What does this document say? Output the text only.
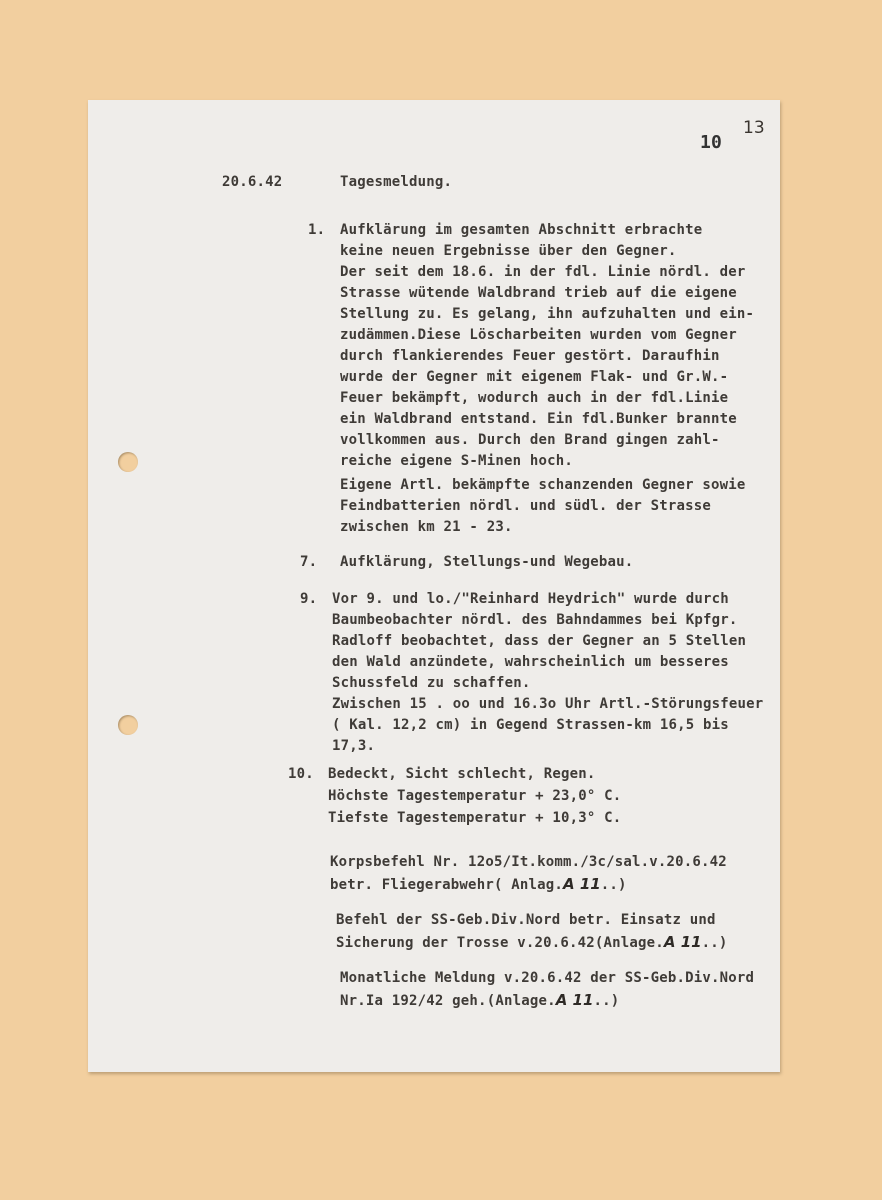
10
13
20.6.42	Tagesmeldung.
1. Aufklärung im gesamten Abschnitt erbrachte
keine neuen Ergebnisse über den Gegner.
Der seit dem 18.6. in der fdl. Linie nördl. der
Strasse wütende Waldbrand trieb auf die eigene
Stellung zu. Es gelang, ihn aufzuhalten und ein-
zudämmen.Diese Löscharbeiten wurden vom Gegner
durch flankierendes Feuer gestört. Daraufhin
wurde der Gegner mit eigenem Flak- und Gr.W.-
Feuer bekämpft, wodurch auch in der fdl.Linie
ein Waldbrand entstand. Ein fdl.Bunker brannte
vollkommen aus. Durch den Brand gingen zahl-
reiche eigene S-Minen hoch.
Eigene Artl. bekämpfte schanzenden Gegner sowie
Feindbatterien nördl. und südl. der Strasse
zwischen km 21 - 23.
7. Aufklärung, Stellungs-und Wegebau.
9. Vor 9. und lo./"Reinhard Heydrich" wurde durch
Baumbeobachter nördl. des Bahndammes bei Kpfgr.
Radloff beobachtet, dass der Gegner an 5 Stellen
den Wald anzündete, wahrscheinlich um besseres
Schussfeld zu schaffen.
Zwischen 15 . oo und 16.3o Uhr Artl.-Störungsfeuer
( Kal. 12,2 cm) in Gegend Strassen-km 16,5 bis
17,3.
10. Bedeckt, Sicht schlecht, Regen.
Höchste Tagestemperatur + 23,0° C.
Tiefste Tagestemperatur + 10,3° C.
Korpsbefehl Nr. 12o5/It.komm./3c/sal.v.20.6.42
betr. Fliegerabwehr( Anlag.A 11..)
Befehl der SS-Geb.Div.Nord betr. Einsatz und
Sicherung der Trosse v.20.6.42(Anlage.A 11..)
Monatliche Meldung v.20.6.42 der SS-Geb.Div.Nord
Nr.Ia 192/42 geh.(Anlage.A 11..)
